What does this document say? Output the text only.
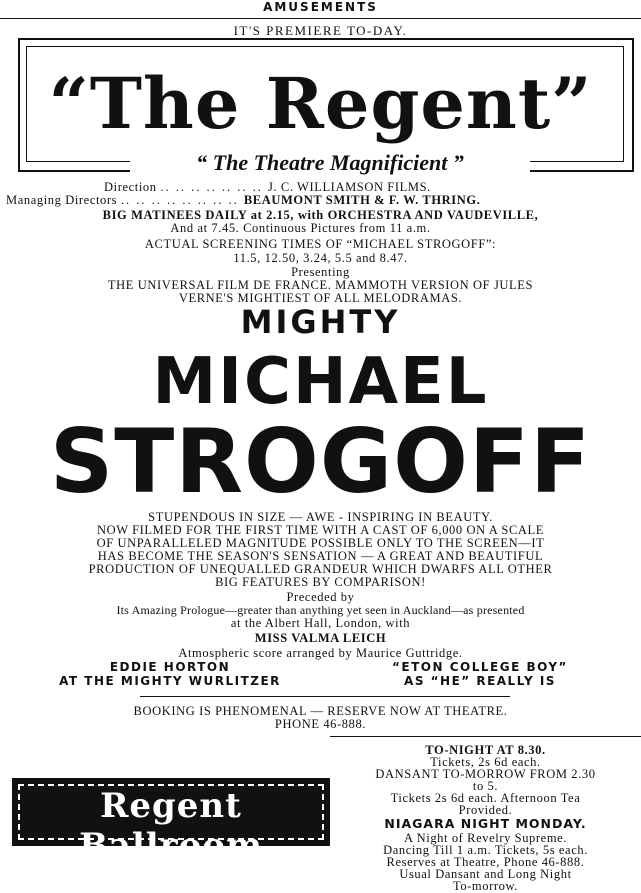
AMUSEMENTS
IT'S PREMIERE TO-DAY.
“The Regent”
“ The Theatre Magnificient ”
Direction .. .. .. .. .. .. .. J. C. WILLIAMSON FILMS.
Managing Directors .. .. .. .. .. .. .. .. BEAUMONT SMITH & F. W. THRING.
BIG MATINEES DAILY at 2.15, with ORCHESTRA AND VAUDEVILLE,
And at 7.45. Continuous Pictures from 11 a.m.
ACTUAL SCREENING TIMES OF “MICHAEL STROGOFF”:
11.5, 12.50, 3.24, 5.5 and 8.47.
Presenting
THE UNIVERSAL FILM DE FRANCE. MAMMOTH VERSION OF JULES
VERNE'S MIGHTIEST OF ALL MELODRAMAS.
MIGHTY
MICHAEL
STROGOFF
STUPENDOUS IN SIZE — AWE - INSPIRING IN BEAUTY.
NOW FILMED FOR THE FIRST TIME WITH A CAST OF 6,000 ON A SCALE
OF UNPARALLELED MAGNITUDE POSSIBLE ONLY TO THE SCREEN—IT
HAS BECOME THE SEASON'S SENSATION — A GREAT AND BEAUTIFUL
PRODUCTION OF UNEQUALLED GRANDEUR WHICH DWARFS ALL OTHER
BIG FEATURES BY COMPARISON!
Preceded by
Its Amazing Prologue—greater than anything yet seen in Auckland—as presented
at the Albert Hall, London, with
MISS VALMA LEICH
Atmospheric score arranged by Maurice Guttridge.
EDDIE HORTON
AT THE MIGHTY WURLITZER
“ETON COLLEGE BOY”
AS “HE” REALLY IS
BOOKING IS PHENOMENAL — RESERVE NOW AT THEATRE.
PHONE 46-888.
Regent Ballroom
TO-NIGHT AT 8.30.
Tickets, 2s 6d each.
DANSANT TO-MORROW FROM 2.30
to 5.
Tickets 2s 6d each. Afternoon Tea
Provided.
NIAGARA NIGHT MONDAY.
A Night of Revelry Supreme.
Dancing Till 1 a.m. Tickets, 5s each.
Reserves at Theatre, Phone 46-888.
Usual Dansant and Long Night
To-morrow.
